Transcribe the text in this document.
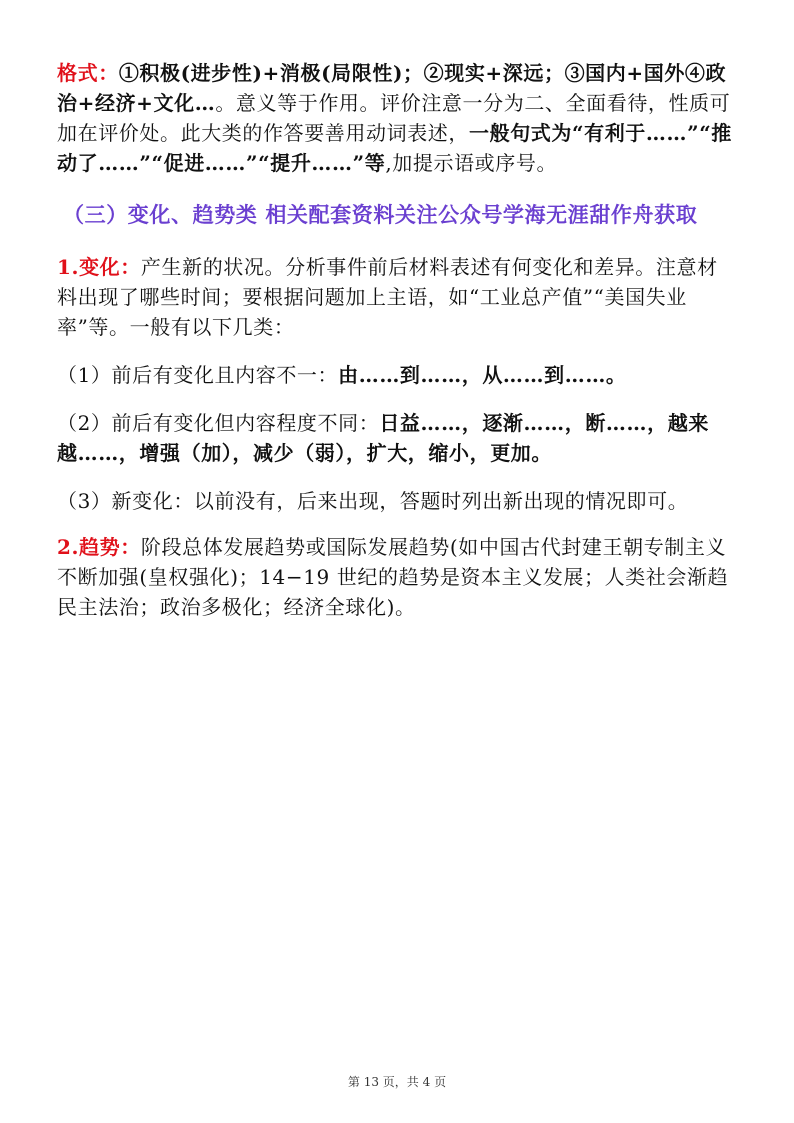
格式：①积极(进步性)+消极(局限性)；②现实+深远；③国内+国外④政治+经济+文化…。意义等于作用。评价注意一分为二、全面看待，性质可加在评价处。此大类的作答要善用动词表述，一般句式为“有利于……”“推动了……”“促进……”“提升……”等,加提示语或序号。

（三）变化、趋势类 相关配套资料关注公众号学海无涯甜作舟获取

1.变化：产生新的状况。分析事件前后材料表述有何变化和差异。注意材料出现了哪些时间；要根据问题加上主语，如“工业总产值”“美国失业率”等。一般有以下几类：

（1）前后有变化且内容不一：由……到……，从……到……。

（2）前后有变化但内容程度不同：日益……，逐渐……，断……，越来越……，增强（加），减少（弱），扩大，缩小，更加。

（3）新变化：以前没有，后来出现，答题时列出新出现的情况即可。

2.趋势：阶段总体发展趋势或国际发展趋势(如中国古代封建王朝专制主义不断加强(皇权强化)；14−19 世纪的趋势是资本主义发展；人类社会渐趋民主法治；政治多极化；经济全球化)。

第 13 页，共 4 页
